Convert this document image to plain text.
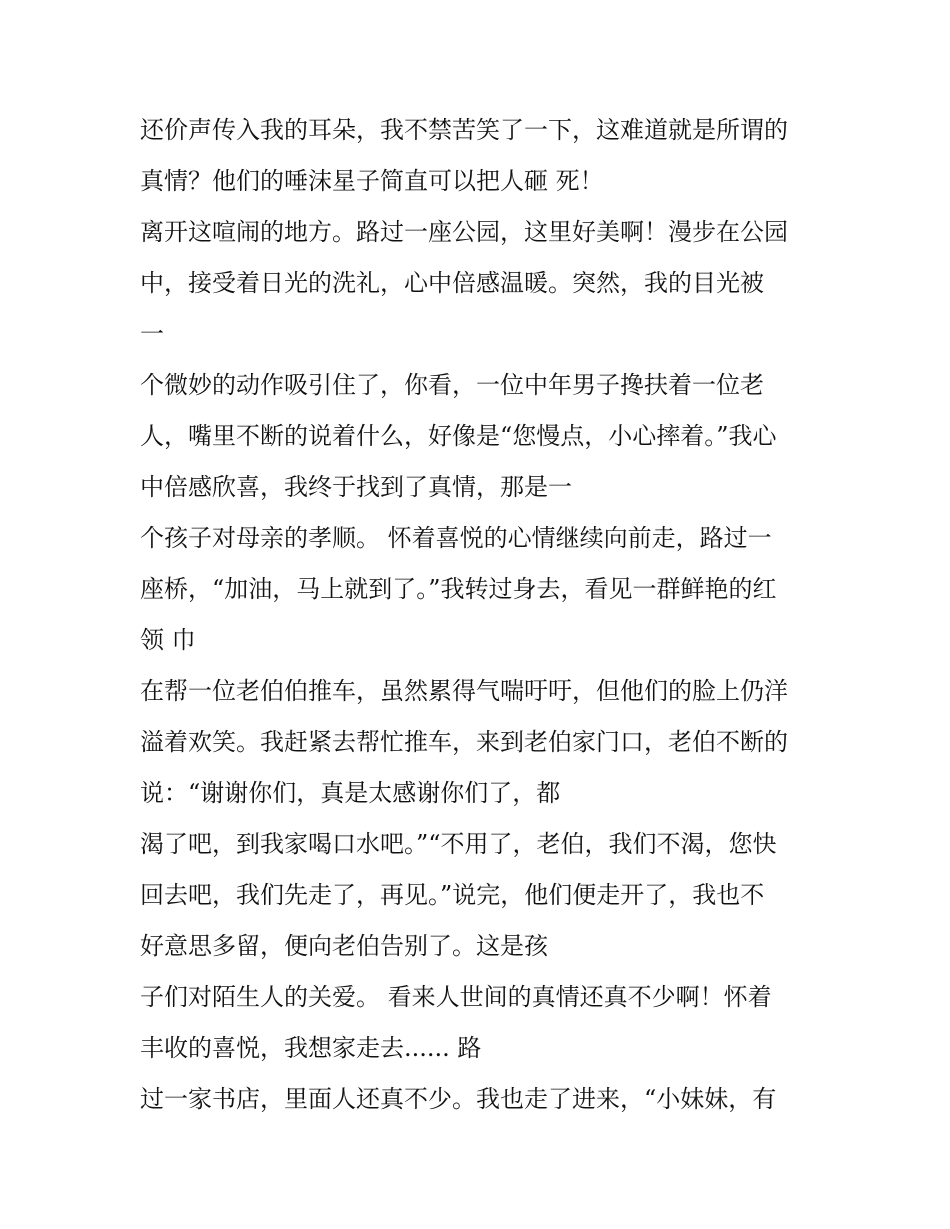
还价声传入我的耳朵，我不禁苦笑了一下，这难道就是所谓的
真情？他们的唾沫星子简直可以把人砸 死！
离开这喧闹的地方。路过一座公园，这里好美啊！漫步在公园
中，接受着日光的洗礼，心中倍感温暖。突然，我的目光被
一
个微妙的动作吸引住了，你看，一位中年男子搀扶着一位老
人，嘴里不断的说着什么，好像是“您慢点，小心摔着。”我心
中倍感欣喜，我终于找到了真情，那是一
个孩子对母亲的孝顺。 怀着喜悦的心情继续向前走，路过一
座桥，“加油，马上就到了。”我转过身去，看见一群鲜艳的红
领 巾
在帮一位老伯伯推车，虽然累得气喘吁吁，但他们的脸上仍洋
溢着欢笑。我赶紧去帮忙推车，来到老伯家门口，老伯不断的
说：“谢谢你们，真是太感谢你们了，都
渴了吧，到我家喝口水吧。”“不用了，老伯，我们不渴，您快
回去吧，我们先走了，再见。”说完，他们便走开了，我也不
好意思多留，便向老伯告别了。这是孩
子们对陌生人的关爱。 看来人世间的真情还真不少啊！怀着
丰收的喜悦，我想家走去...... 路
过一家书店，里面人还真不少。我也走了进来，“小妹妹，有
